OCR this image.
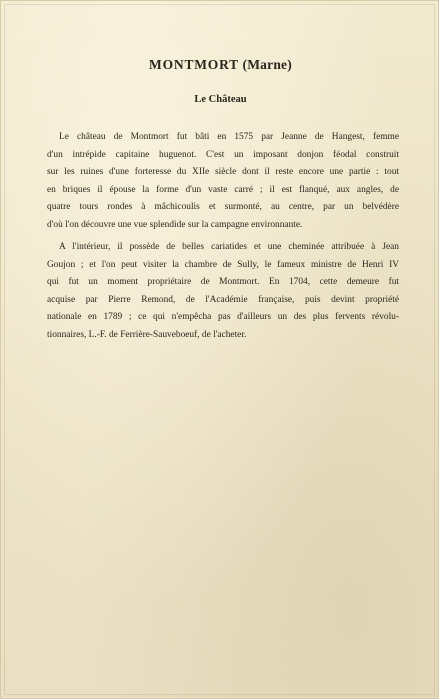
MONTMORT (Marne)
Le Château
Le château de Montmort fut bâti en 1575 par Jeanne de Hangest, femme
d'un intrépide capitaine huguenot. C'est un imposant donjon féodal construit
sur les ruines d'une forteresse du XIIe siècle dont il reste encore une partie : tout
en briques il épouse la forme d'un vaste carré ; il est flanqué, aux angles, de
quatre tours rondes à mâchicoulis et surmonté, au centre, par un belvédère
d'où l'on découvre une vue splendide sur la campagne environnante.
A l'intérieur, il possède de belles cariatides et une cheminée attribuée à Jean
Goujon ; et l'on peut visiter la chambre de Sully, le fameux ministre de Henri IV
qui fut un moment propriétaire de Montmort. En 1704, cette demeure fut
acquise par Pierre Remond, de l'Académie française, puis devint propriété
nationale en 1789 ; ce qui n'empêcha pas d'ailleurs un des plus fervents révolu-
tionnaires, L.-F. de Ferrière-Sauveboeuf, de l'acheter.
